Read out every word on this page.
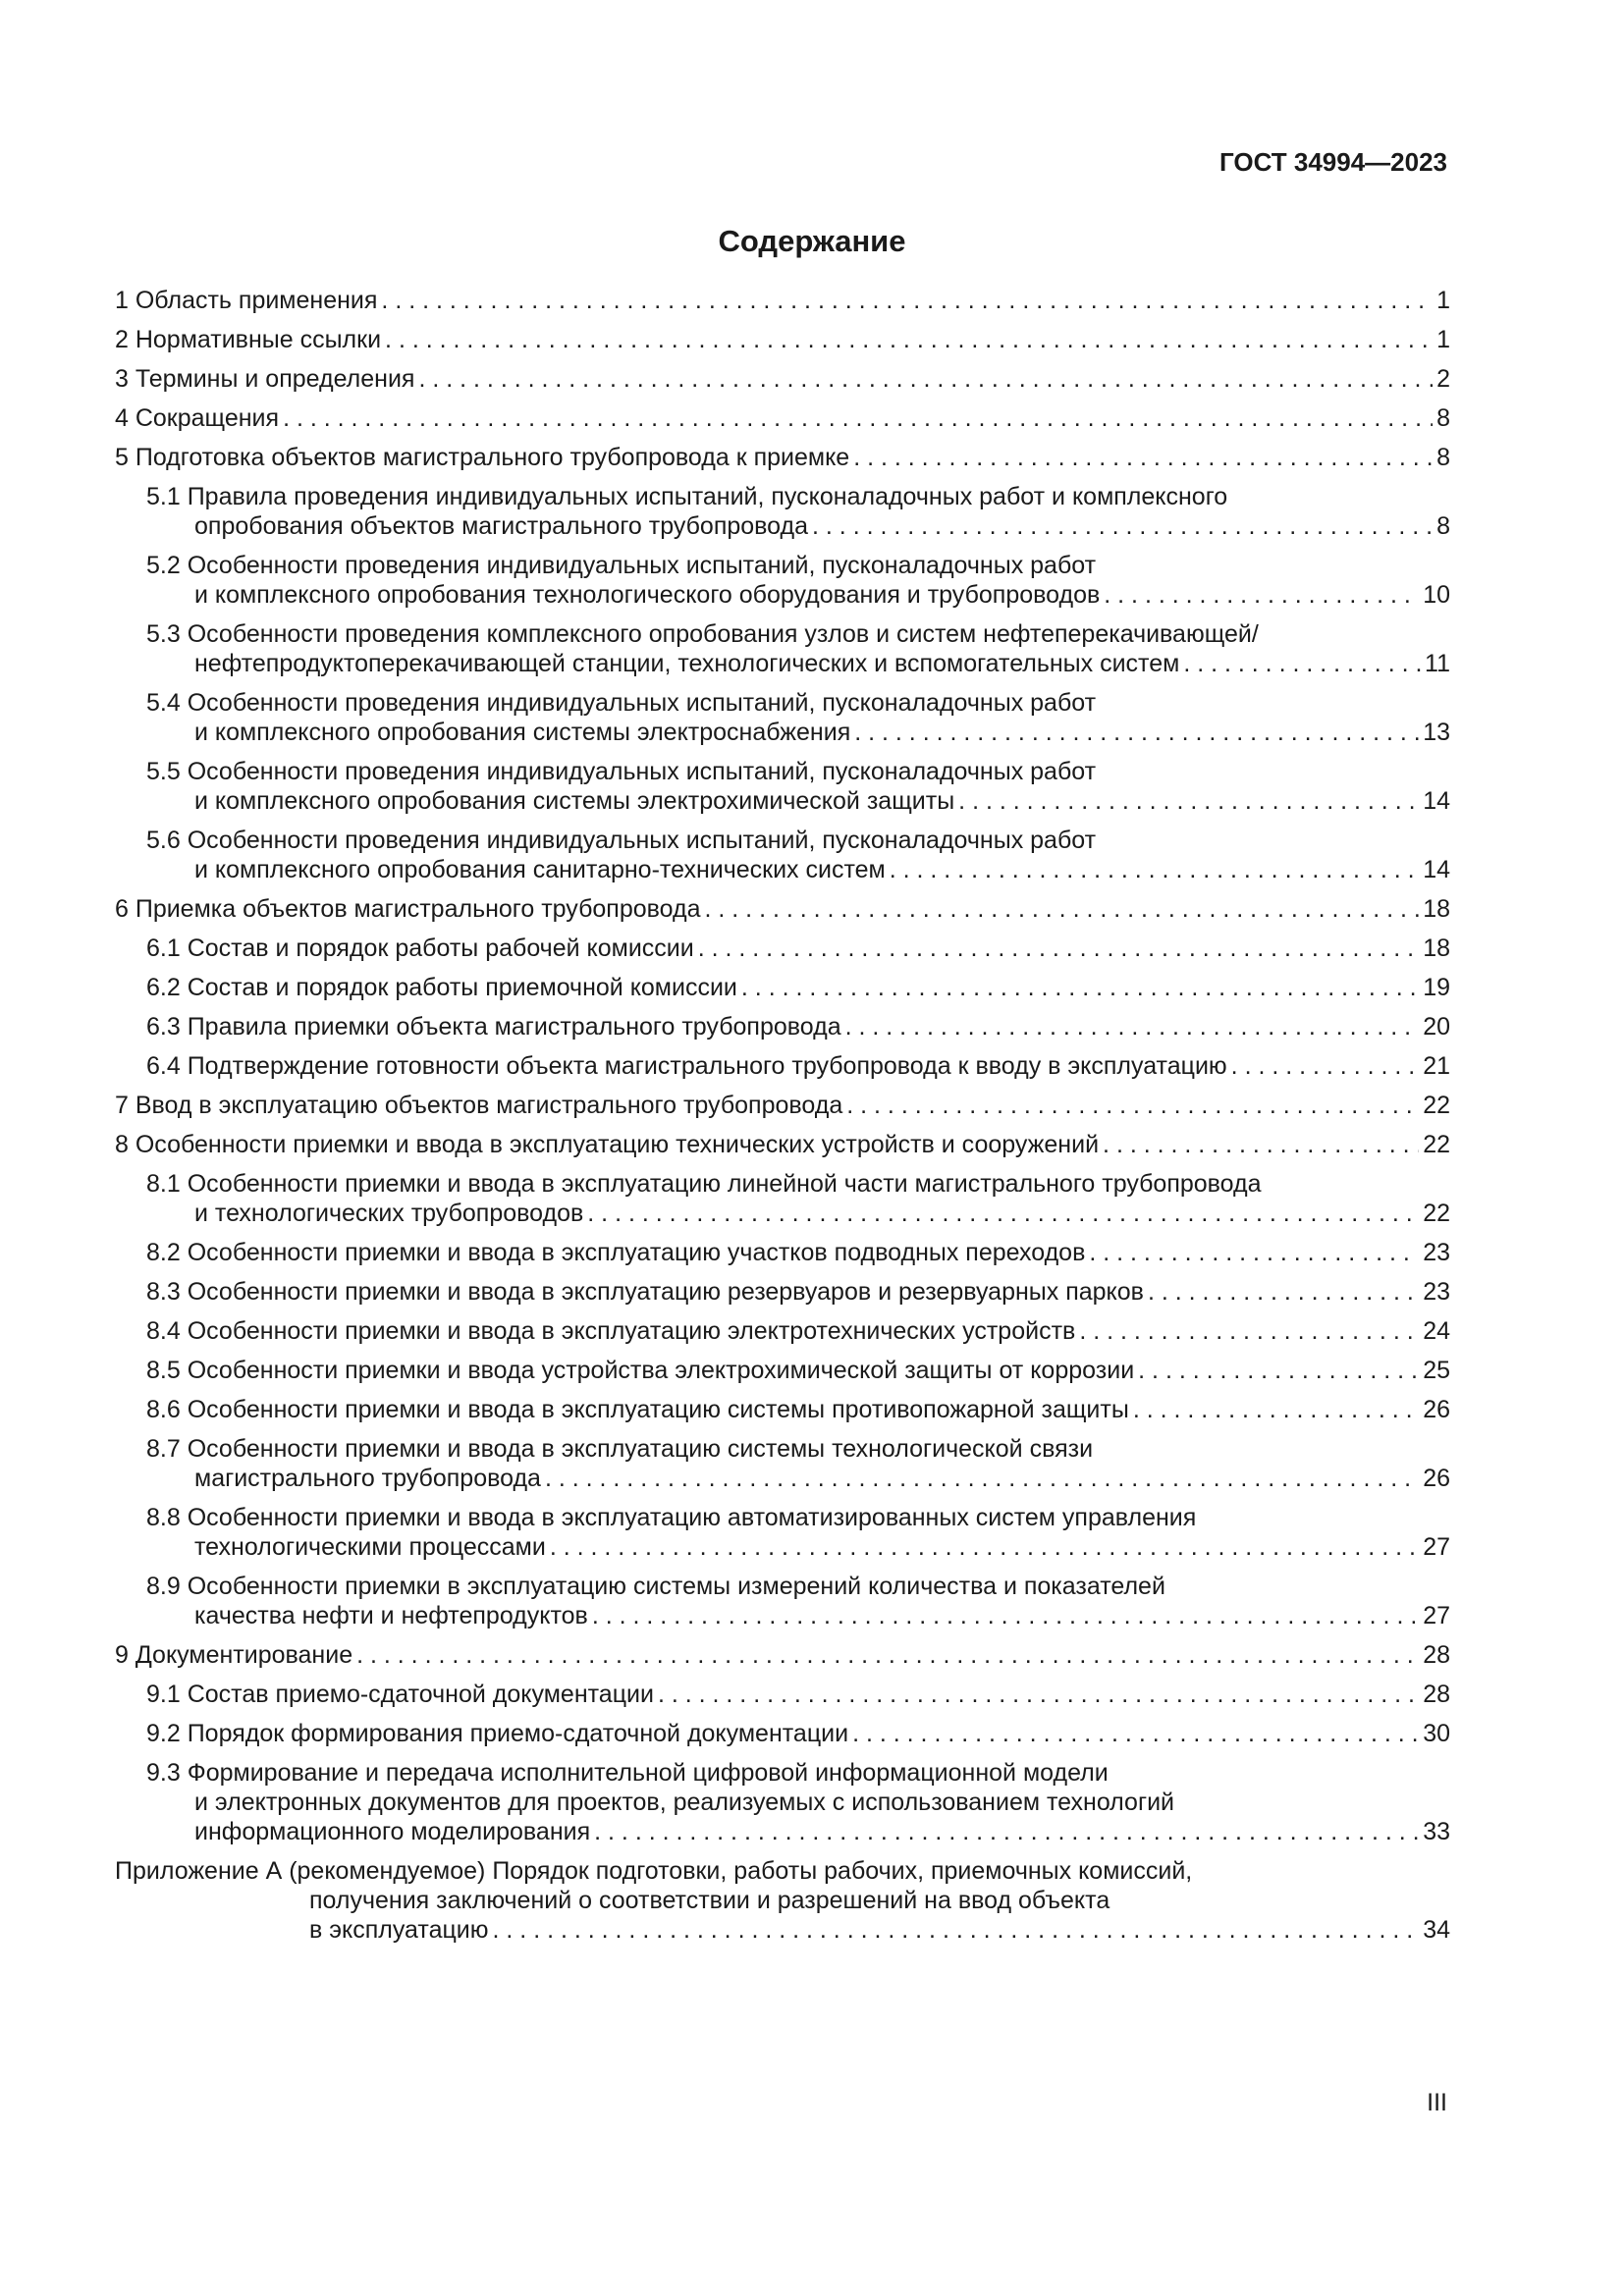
ГОСТ 34994—2023
Содержание
1 Область применения . . .	1
2 Нормативные ссылки . . .	1
3 Термины и определения . . .	2
4 Сокращения . . .	8
5 Подготовка объектов магистрального трубопровода к приемке . . .	8
5.1 Правила проведения индивидуальных испытаний, пусконаладочных работ и комплексного
опробования объектов магистрального трубопровода . . .	8
5.2 Особенности проведения индивидуальных испытаний, пусконаладочных работ
и комплексного опробования технологического оборудования и трубопроводов . . .	10
5.3 Особенности проведения комплексного опробования узлов и систем нефтеперекачивающей/
нефтепродуктоперекачивающей станции, технологических и вспомогательных систем . . .	11
5.4 Особенности проведения индивидуальных испытаний, пусконаладочных работ
и комплексного опробования системы электроснабжения . . .	13
5.5 Особенности проведения индивидуальных испытаний, пусконаладочных работ
и комплексного опробования системы электрохимической защиты . . .	14
5.6 Особенности проведения индивидуальных испытаний, пусконаладочных работ
и комплексного опробования санитарно-технических систем . . .	14
6 Приемка объектов магистрального трубопровода . . .	18
6.1 Состав и порядок работы рабочей комиссии . . .	18
6.2 Состав и порядок работы приемочной комиссии . . .	19
6.3 Правила приемки объекта магистрального трубопровода . . .	20
6.4 Подтверждение готовности объекта магистрального трубопровода к вводу в эксплуатацию . . .	21
7 Ввод в эксплуатацию объектов магистрального трубопровода . . .	22
8 Особенности приемки и ввода в эксплуатацию технических устройств и сооружений . . .	22
8.1 Особенности приемки и ввода в эксплуатацию линейной части магистрального трубопровода
и технологических трубопроводов . . .	22
8.2 Особенности приемки и ввода в эксплуатацию участков подводных переходов . . .	23
8.3 Особенности приемки и ввода в эксплуатацию резервуаров и резервуарных парков . . .	23
8.4 Особенности приемки и ввода в эксплуатацию электротехнических устройств . . .	24
8.5 Особенности приемки и ввода устройства электрохимической защиты от коррозии . . .	25
8.6 Особенности приемки и ввода в эксплуатацию системы противопожарной защиты . . .	26
8.7 Особенности приемки и ввода в эксплуатацию системы технологической связи
магистрального трубопровода . . .	26
8.8 Особенности приемки и ввода в эксплуатацию автоматизированных систем управления
технологическими процессами . . .	27
8.9 Особенности приемки в эксплуатацию системы измерений количества и показателей
качества нефти и нефтепродуктов . . .	27
9 Документирование . . .	28
9.1 Состав приемо-сдаточной документации . . .	28
9.2 Порядок формирования приемо-сдаточной документации . . .	30
9.3 Формирование и передача исполнительной цифровой информационной модели
и электронных документов для проектов, реализуемых с использованием технологий
информационного моделирования . . .	33
Приложение А (рекомендуемое) Порядок подготовки, работы рабочих, приемочных комиссий,
получения заключений о соответствии и разрешений на ввод объекта
в эксплуатацию . . .	34
III
